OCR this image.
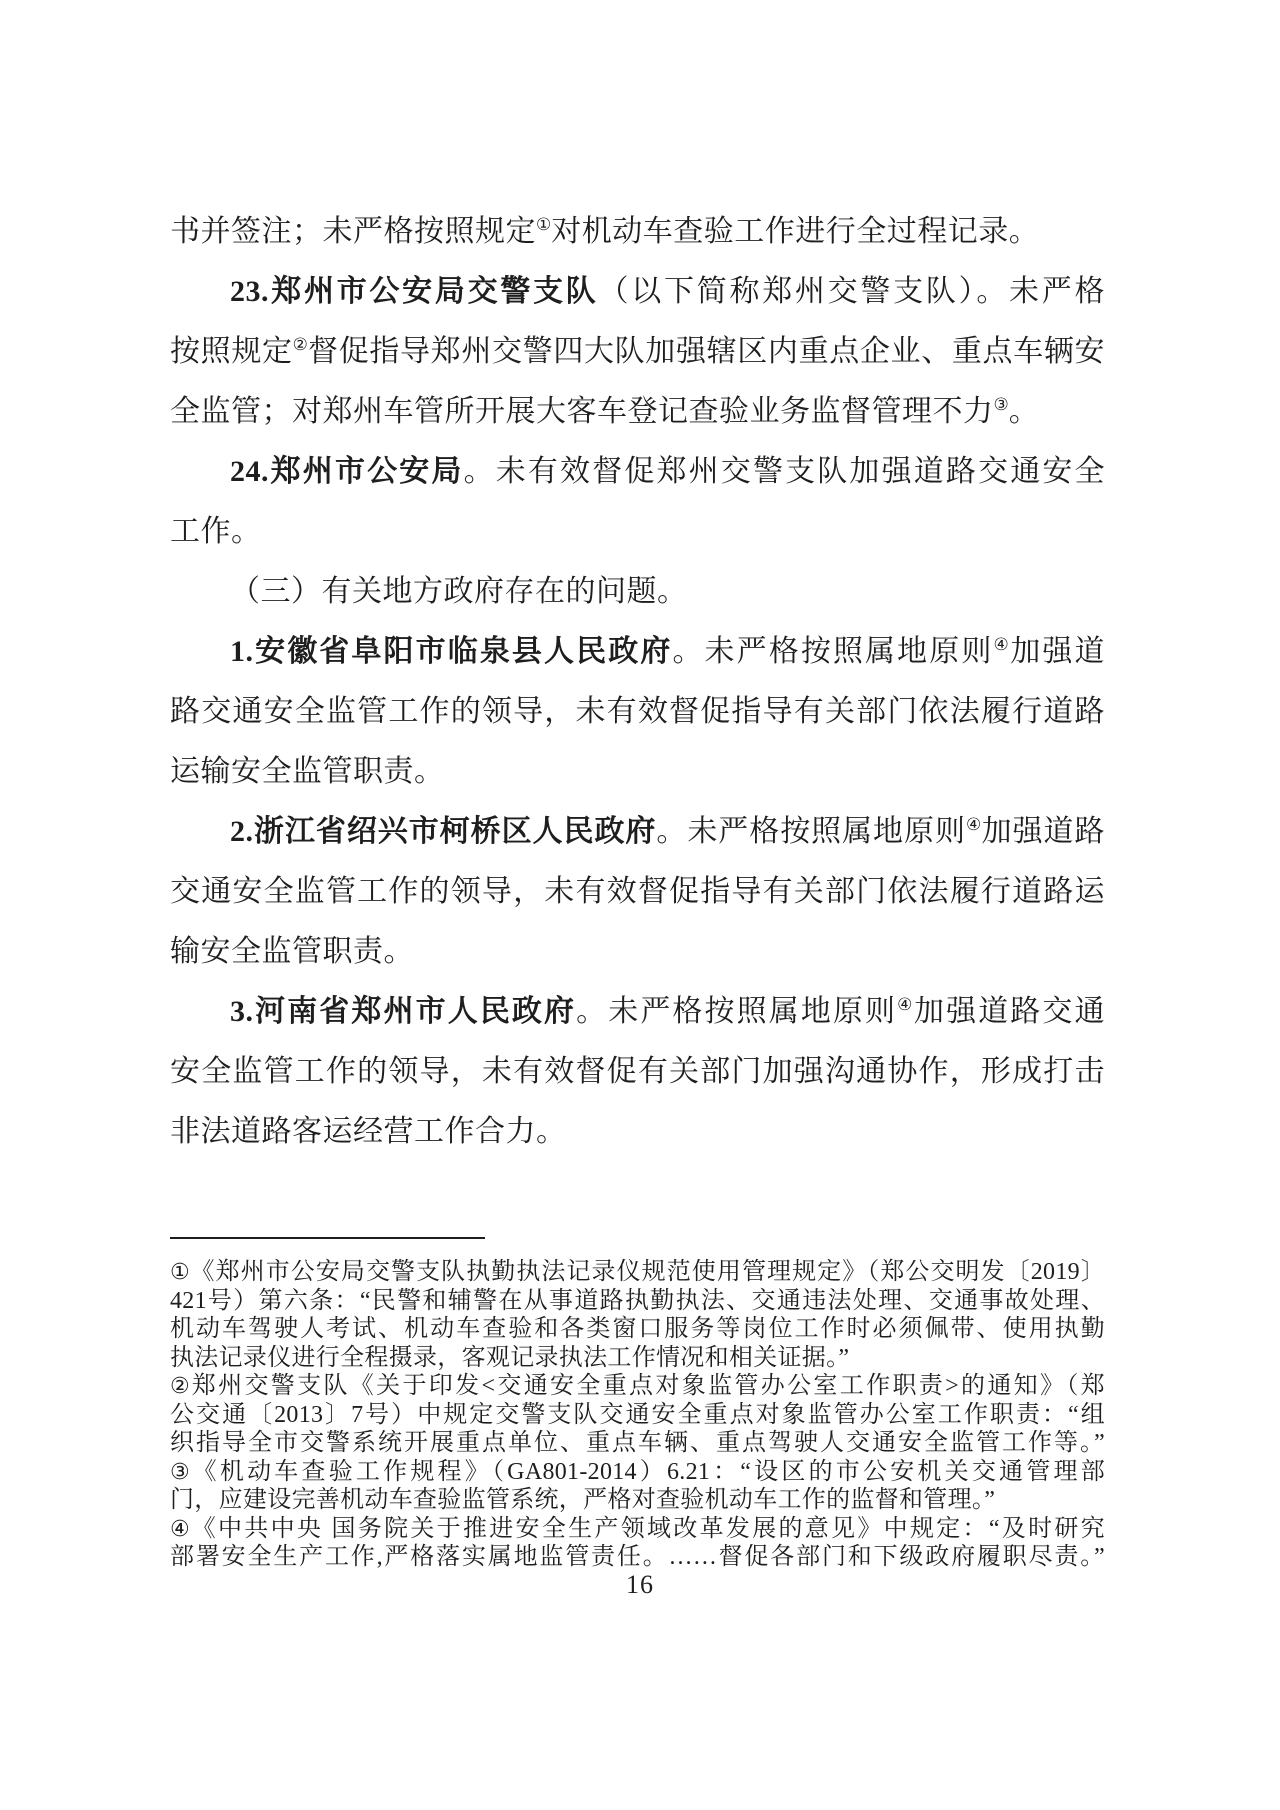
书并签注；未严格按照规定①对机动车查验工作进行全过程记录。
23.郑州市公安局交警支队（以下简称郑州交警支队）。未严格
按照规定②督促指导郑州交警四大队加强辖区内重点企业、重点车辆安
全监管；对郑州车管所开展大客车登记查验业务监督管理不力③。
24.郑州市公安局。未有效督促郑州交警支队加强道路交通安全
工作。
（三）有关地方政府存在的问题。
1.安徽省阜阳市临泉县人民政府。未严格按照属地原则④加强道
路交通安全监管工作的领导，未有效督促指导有关部门依法履行道路
运输安全监管职责。
2.浙江省绍兴市柯桥区人民政府。未严格按照属地原则④加强道路
交通安全监管工作的领导，未有效督促指导有关部门依法履行道路运
输安全监管职责。
3.河南省郑州市人民政府。未严格按照属地原则④加强道路交通
安全监管工作的领导，未有效督促有关部门加强沟通协作，形成打击
非法道路客运经营工作合力。
①《郑州市公安局交警支队执勤执法记录仪规范使用管理规定》（郑公交明发〔2019〕
421号）第六条：“民警和辅警在从事道路执勤执法、交通违法处理、交通事故处理、
机动车驾驶人考试、机动车查验和各类窗口服务等岗位工作时必须佩带、使用执勤
执法记录仪进行全程摄录，客观记录执法工作情况和相关证据。”
②郑州交警支队《关于印发<交通安全重点对象监管办公室工作职责>的通知》（郑
公交通〔2013〕7号）中规定交警支队交通安全重点对象监管办公室工作职责：“组
织指导全市交警系统开展重点单位、重点车辆、重点驾驶人交通安全监管工作等。”
③《机动车查验工作规程》（GA801-2014）6.21：“设区的市公安机关交通管理部
门，应建设完善机动车查验监管系统，严格对查验机动车工作的监督和管理。”
④《中共中央 国务院关于推进安全生产领域改革发展的意见》中规定：“及时研究
部署安全生产工作,严格落实属地监管责任。……督促各部门和下级政府履职尽责。”
16
